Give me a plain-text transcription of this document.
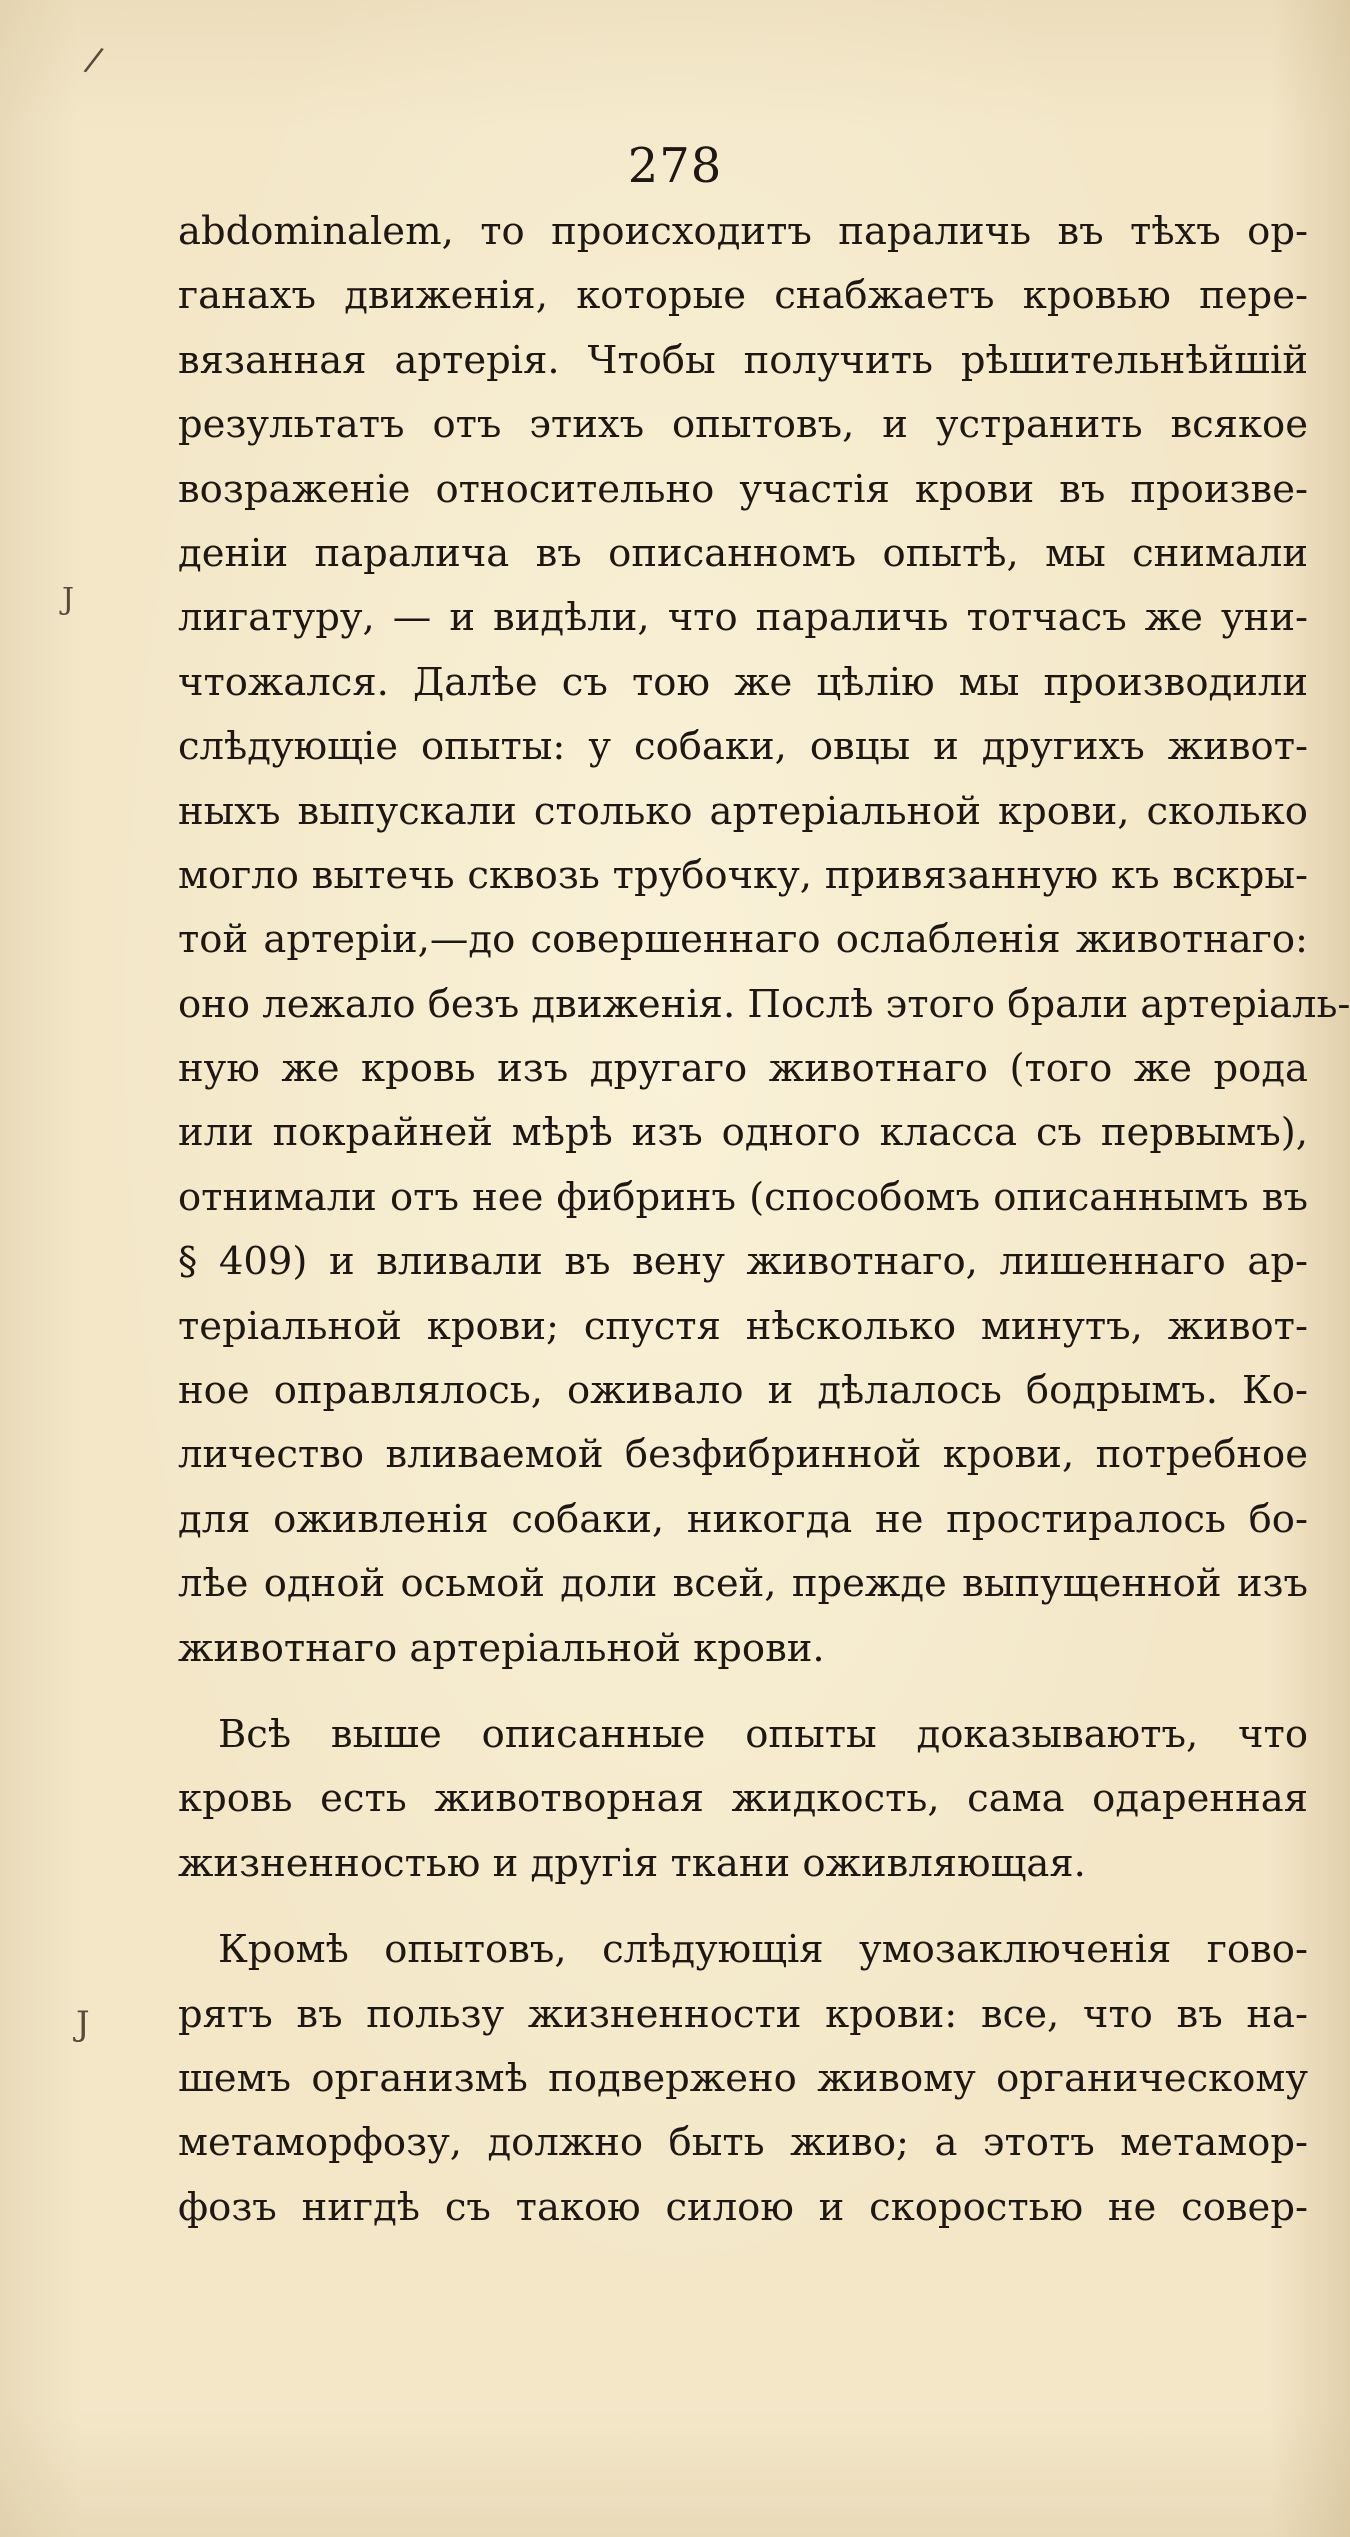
/
J
J
278
abdominalem, то происходитъ параличь въ тѣхъ ор-
ганахъ движенія, которые снабжаетъ кровью пере-
вязанная артерія. Чтобы получить рѣшительнѣйшій
результатъ отъ этихъ опытовъ, и устранить всякое
возраженіе относительно участія крови въ произве-
деніи паралича въ описанномъ опытѣ, мы снимали
лигатуру, — и видѣли, что параличь тотчасъ же уни-
чтожался. Далѣе съ тою же цѣлію мы производили
слѣдующіе опыты: у собаки, овцы и другихъ живот-
ныхъ выпускали столько артеріальной крови, сколько
могло вытечь сквозь трубочку, привязанную къ вскры-
той артеріи,—до совершеннаго ослабленія животнаго:
оно лежало безъ движенія. Послѣ этого брали артеріаль-
ную же кровь изъ другаго животнаго (того же рода
или покрайней мѣрѣ изъ одного класса съ первымъ),
отнимали отъ нее фибринъ (способомъ описаннымъ въ
§ 409) и вливали въ вену животнаго, лишеннаго ар-
теріальной крови; спустя нѣсколько минутъ, живот-
ное оправлялось, оживало и дѣлалось бодрымъ. Ко-
личество вливаемой безфибринной крови, потребное
для оживленія собаки, никогда не простиралось бо-
лѣе одной осьмой доли всей, прежде выпущенной изъ
животнаго артеріальной крови.
Всѣ выше описанные опыты доказываютъ, что
кровь есть животворная жидкость, сама одаренная
жизненностью и другія ткани оживляющая.
Кромѣ опытовъ, слѣдующія умозаключенія гово-
рятъ въ пользу жизненности крови: все, что въ на-
шемъ организмѣ подвержено живому органическому
метаморфозу, должно быть живо; а этотъ метамор-
фозъ нигдѣ съ такою силою и скоростью не совер-
